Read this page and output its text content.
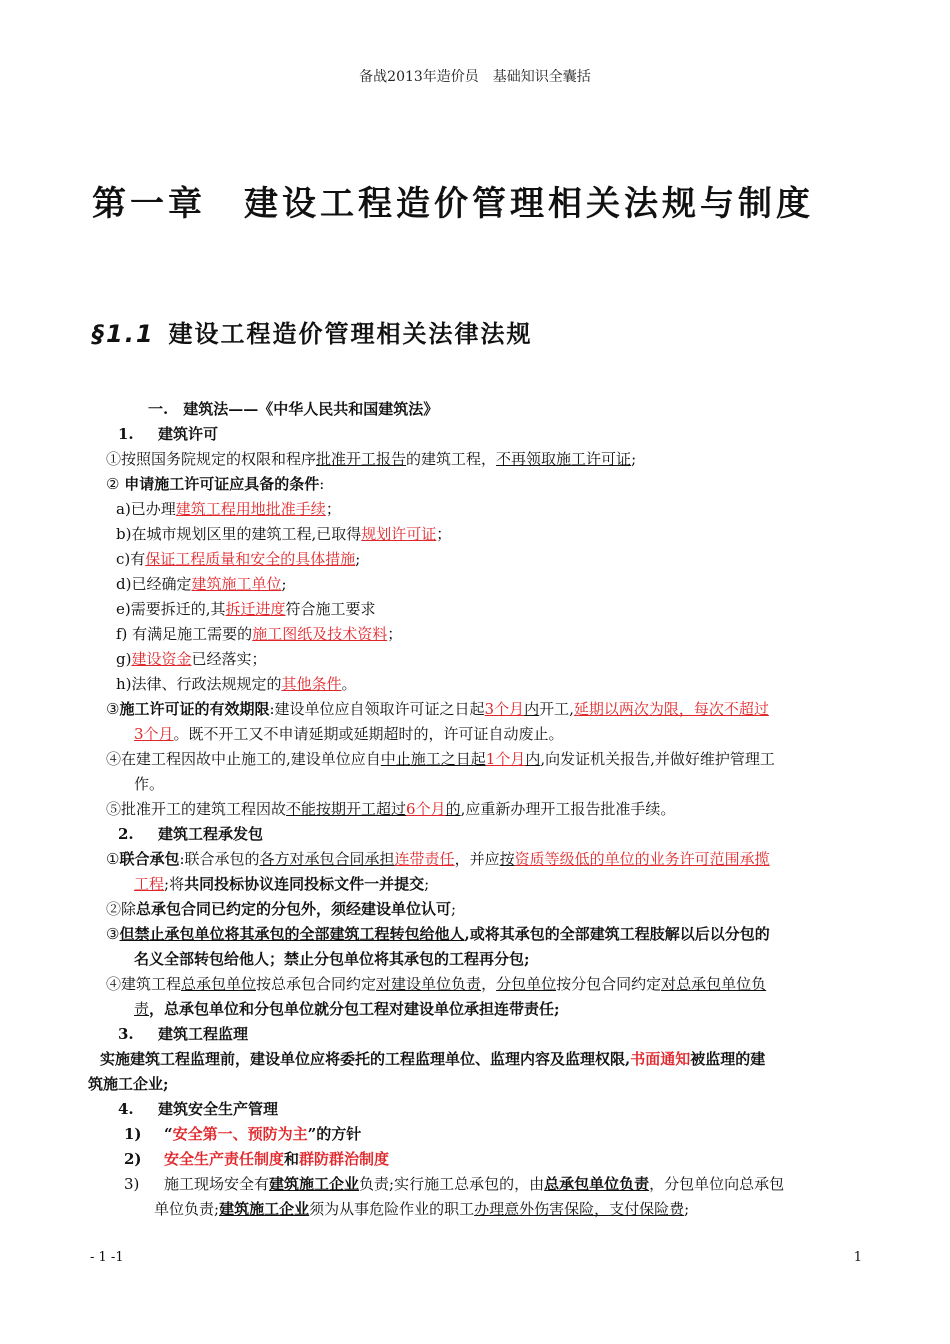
备战2013年造价员　基础知识全囊括
第一章　建设工程造价管理相关法规与制度
§1.1 建设工程造价管理相关法律法规
一.　建筑法——《中华人民共和国建筑法》
1. 建筑许可
①按照国务院规定的权限和程序批准开工报告的建筑工程，不再领取施工许可证;
② 申请施工许可证应具备的条件:
a)已办理建筑工程用地批准手续；
b)在城市规划区里的建筑工程,已取得规划许可证；
c)有保证工程质量和安全的具体措施;
d)已经确定建筑施工单位;
e)需要拆迁的,其拆迁进度符合施工要求
f) 有满足施工需要的施工图纸及技术资料；
g)建设资金已经落实；
h)法律、行政法规规定的其他条件。
③施工许可证的有效期限:建设单位应自领取许可证之日起3个月内开工,延期以两次为限，每次不超过
3个月。既不开工又不申请延期或延期超时的，许可证自动废止。
④在建工程因故中止施工的,建设单位应自中止施工之日起1个月内,向发证机关报告,并做好维护管理工
作。
⑤批准开工的建筑工程因故不能按期开工超过6个月的,应重新办理开工报告批准手续。
2. 建筑工程承发包
①联合承包:联合承包的各方对承包合同承担连带责任，并应按资质等级低的单位的业务许可范围承揽
工程;将共同投标协议连同投标文件一并提交;
②除总承包合同已约定的分包外，须经建设单位认可;
③但禁止承包单位将其承包的全部建筑工程转包给他人,或将其承包的全部建筑工程肢解以后以分包的
名义全部转包给他人；禁止分包单位将其承包的工程再分包;
④建筑工程总承包单位按总承包合同约定对建设单位负责，分包单位按分包合同约定对总承包单位负
责，总承包单位和分包单位就分包工程对建设单位承担连带责任;
3. 建筑工程监理
实施建筑工程监理前，建设单位应将委托的工程监理单位、监理内容及监理权限,书面通知被监理的建
筑施工企业;
4. 建筑安全生产管理
1) “安全第一、预防为主”的方针
2) 安全生产责任制度和群防群治制度
3) 施工现场安全有建筑施工企业负责;实行施工总承包的，由总承包单位负责，分包单位向总承包
单位负责;建筑施工企业须为从事危险作业的职工办理意外伤害保险，支付保险费;
- 1 -1	1
